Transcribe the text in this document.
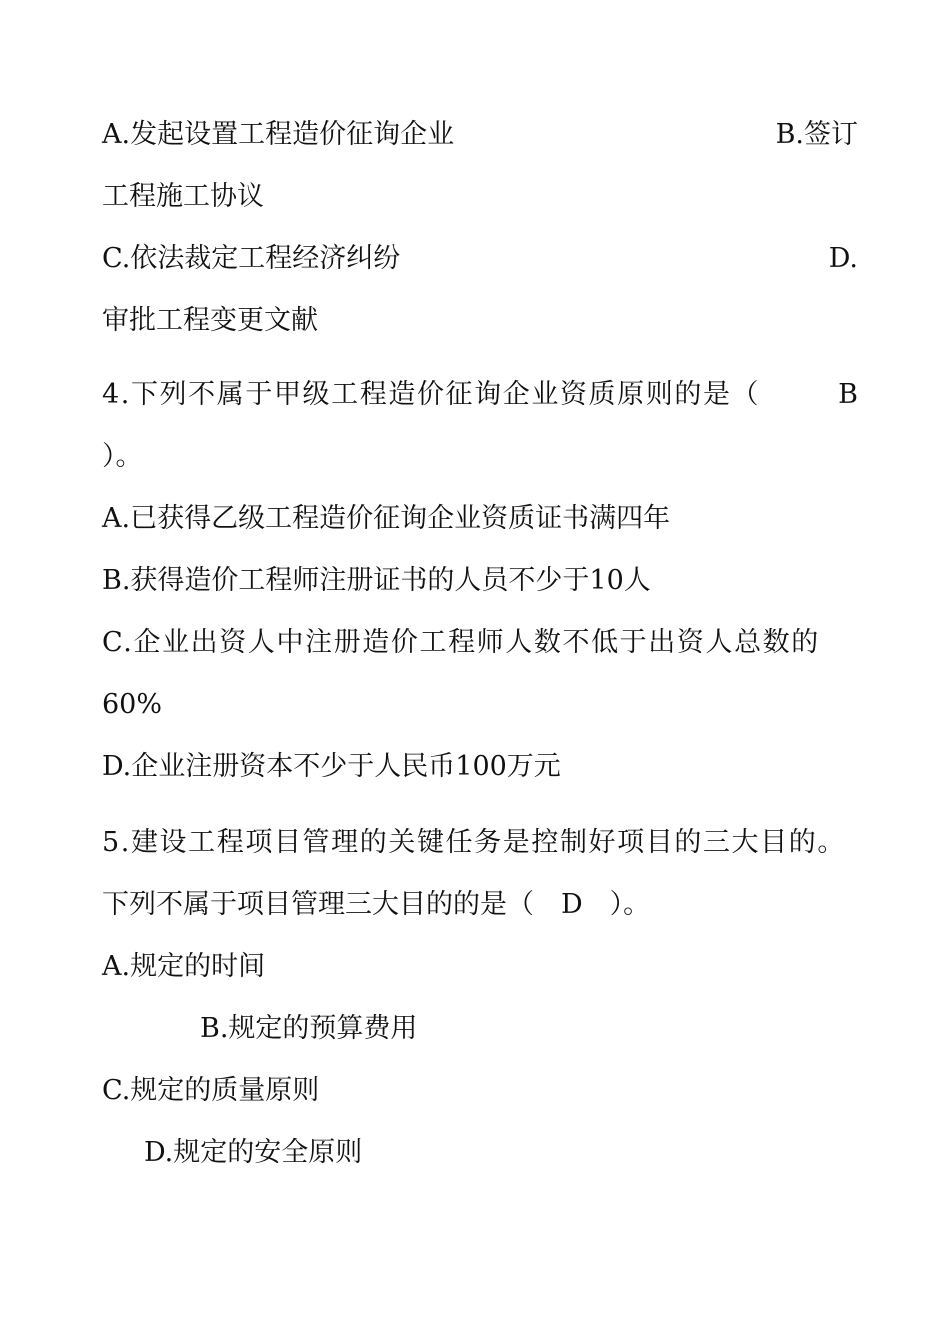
A.发起设置工程造价征询企业	B.签订
工程施工协议
C.依法裁定工程经济纠纷	D.
审批工程变更文献
4.下列不属于甲级工程造价征询企业资质原则的是（	B
）。
A.已获得乙级工程造价征询企业资质证书满四年
B.获得造价工程师注册证书的人员不少于10人
C.企业出资人中注册造价工程师人数不低于出资人总数的
60%
D.企业注册资本不少于人民币100万元
5.建设工程项目管理的关键任务是控制好项目的三大目的。
下列不属于项目管理三大目的的是（　D　）。
A.规定的时间
B.规定的预算费用
C.规定的质量原则
D.规定的安全原则
